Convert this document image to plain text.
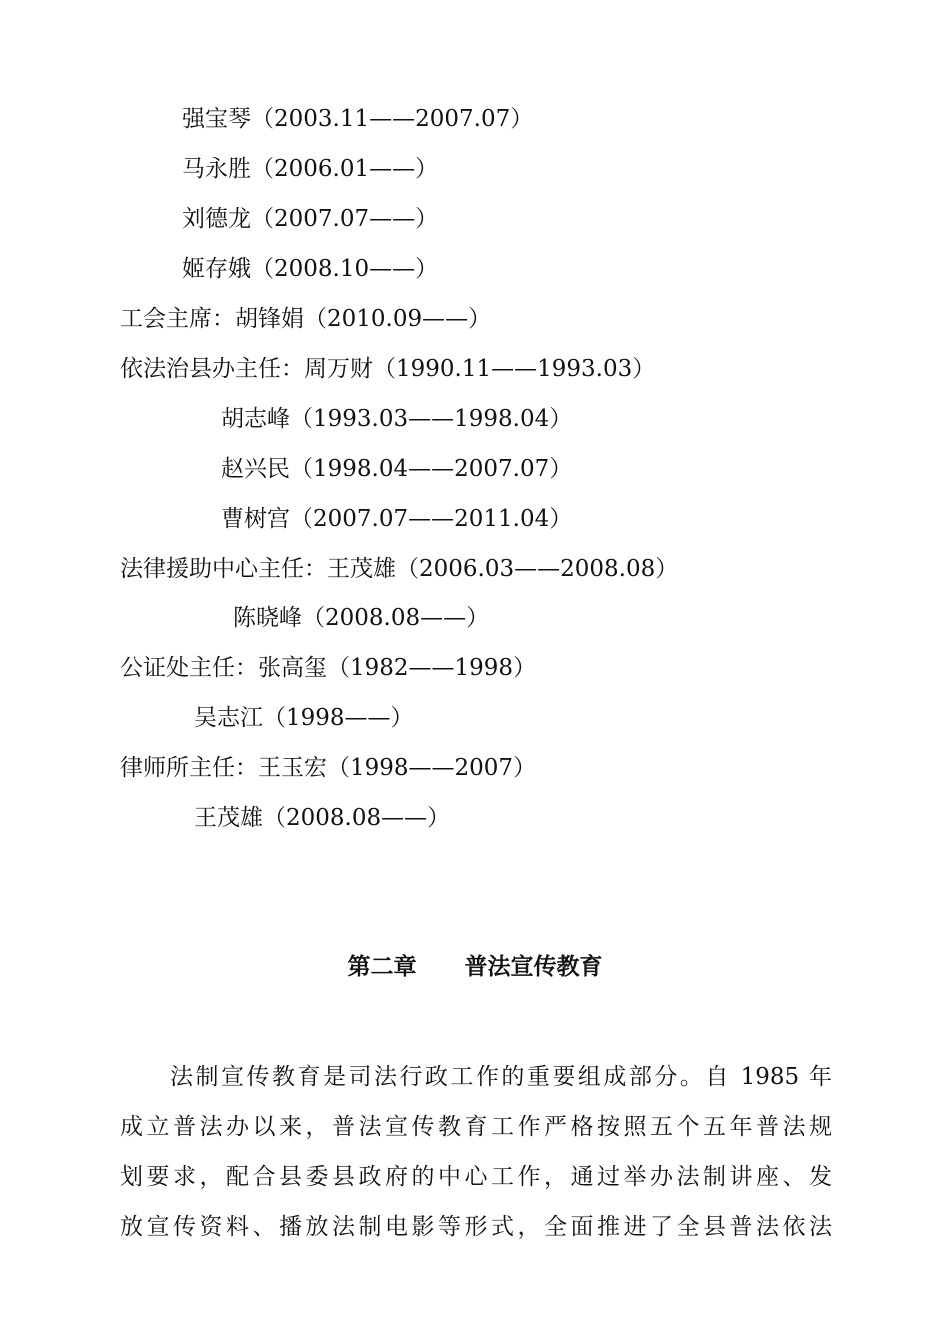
强宝琴（2003.11——2007.07）
马永胜（2006.01——）
刘德龙（2007.07——）
姬存娥（2008.10——）
工会主席：胡锋娟（2010.09——）
依法治县办主任：周万财（1990.11——1993.03）
胡志峰（1993.03——1998.04）
赵兴民（1998.04——2007.07）
曹树宫（2007.07——2011.04）
法律援助中心主任：王茂雄（2006.03——2008.08）
陈晓峰（2008.08——）
公证处主任：张高玺（1982——1998）
吴志江（1998——）
律师所主任：王玉宏（1998——2007）
王茂雄（2008.08——）
第二章      普法宣传教育
法制宣传教育是司法行政工作的重要组成部分。自 1985 年
成立普法办以来，普法宣传教育工作严格按照五个五年普法规
划要求，配合县委县政府的中心工作，通过举办法制讲座、发
放宣传资料、播放法制电影等形式，全面推进了全县普法依法
